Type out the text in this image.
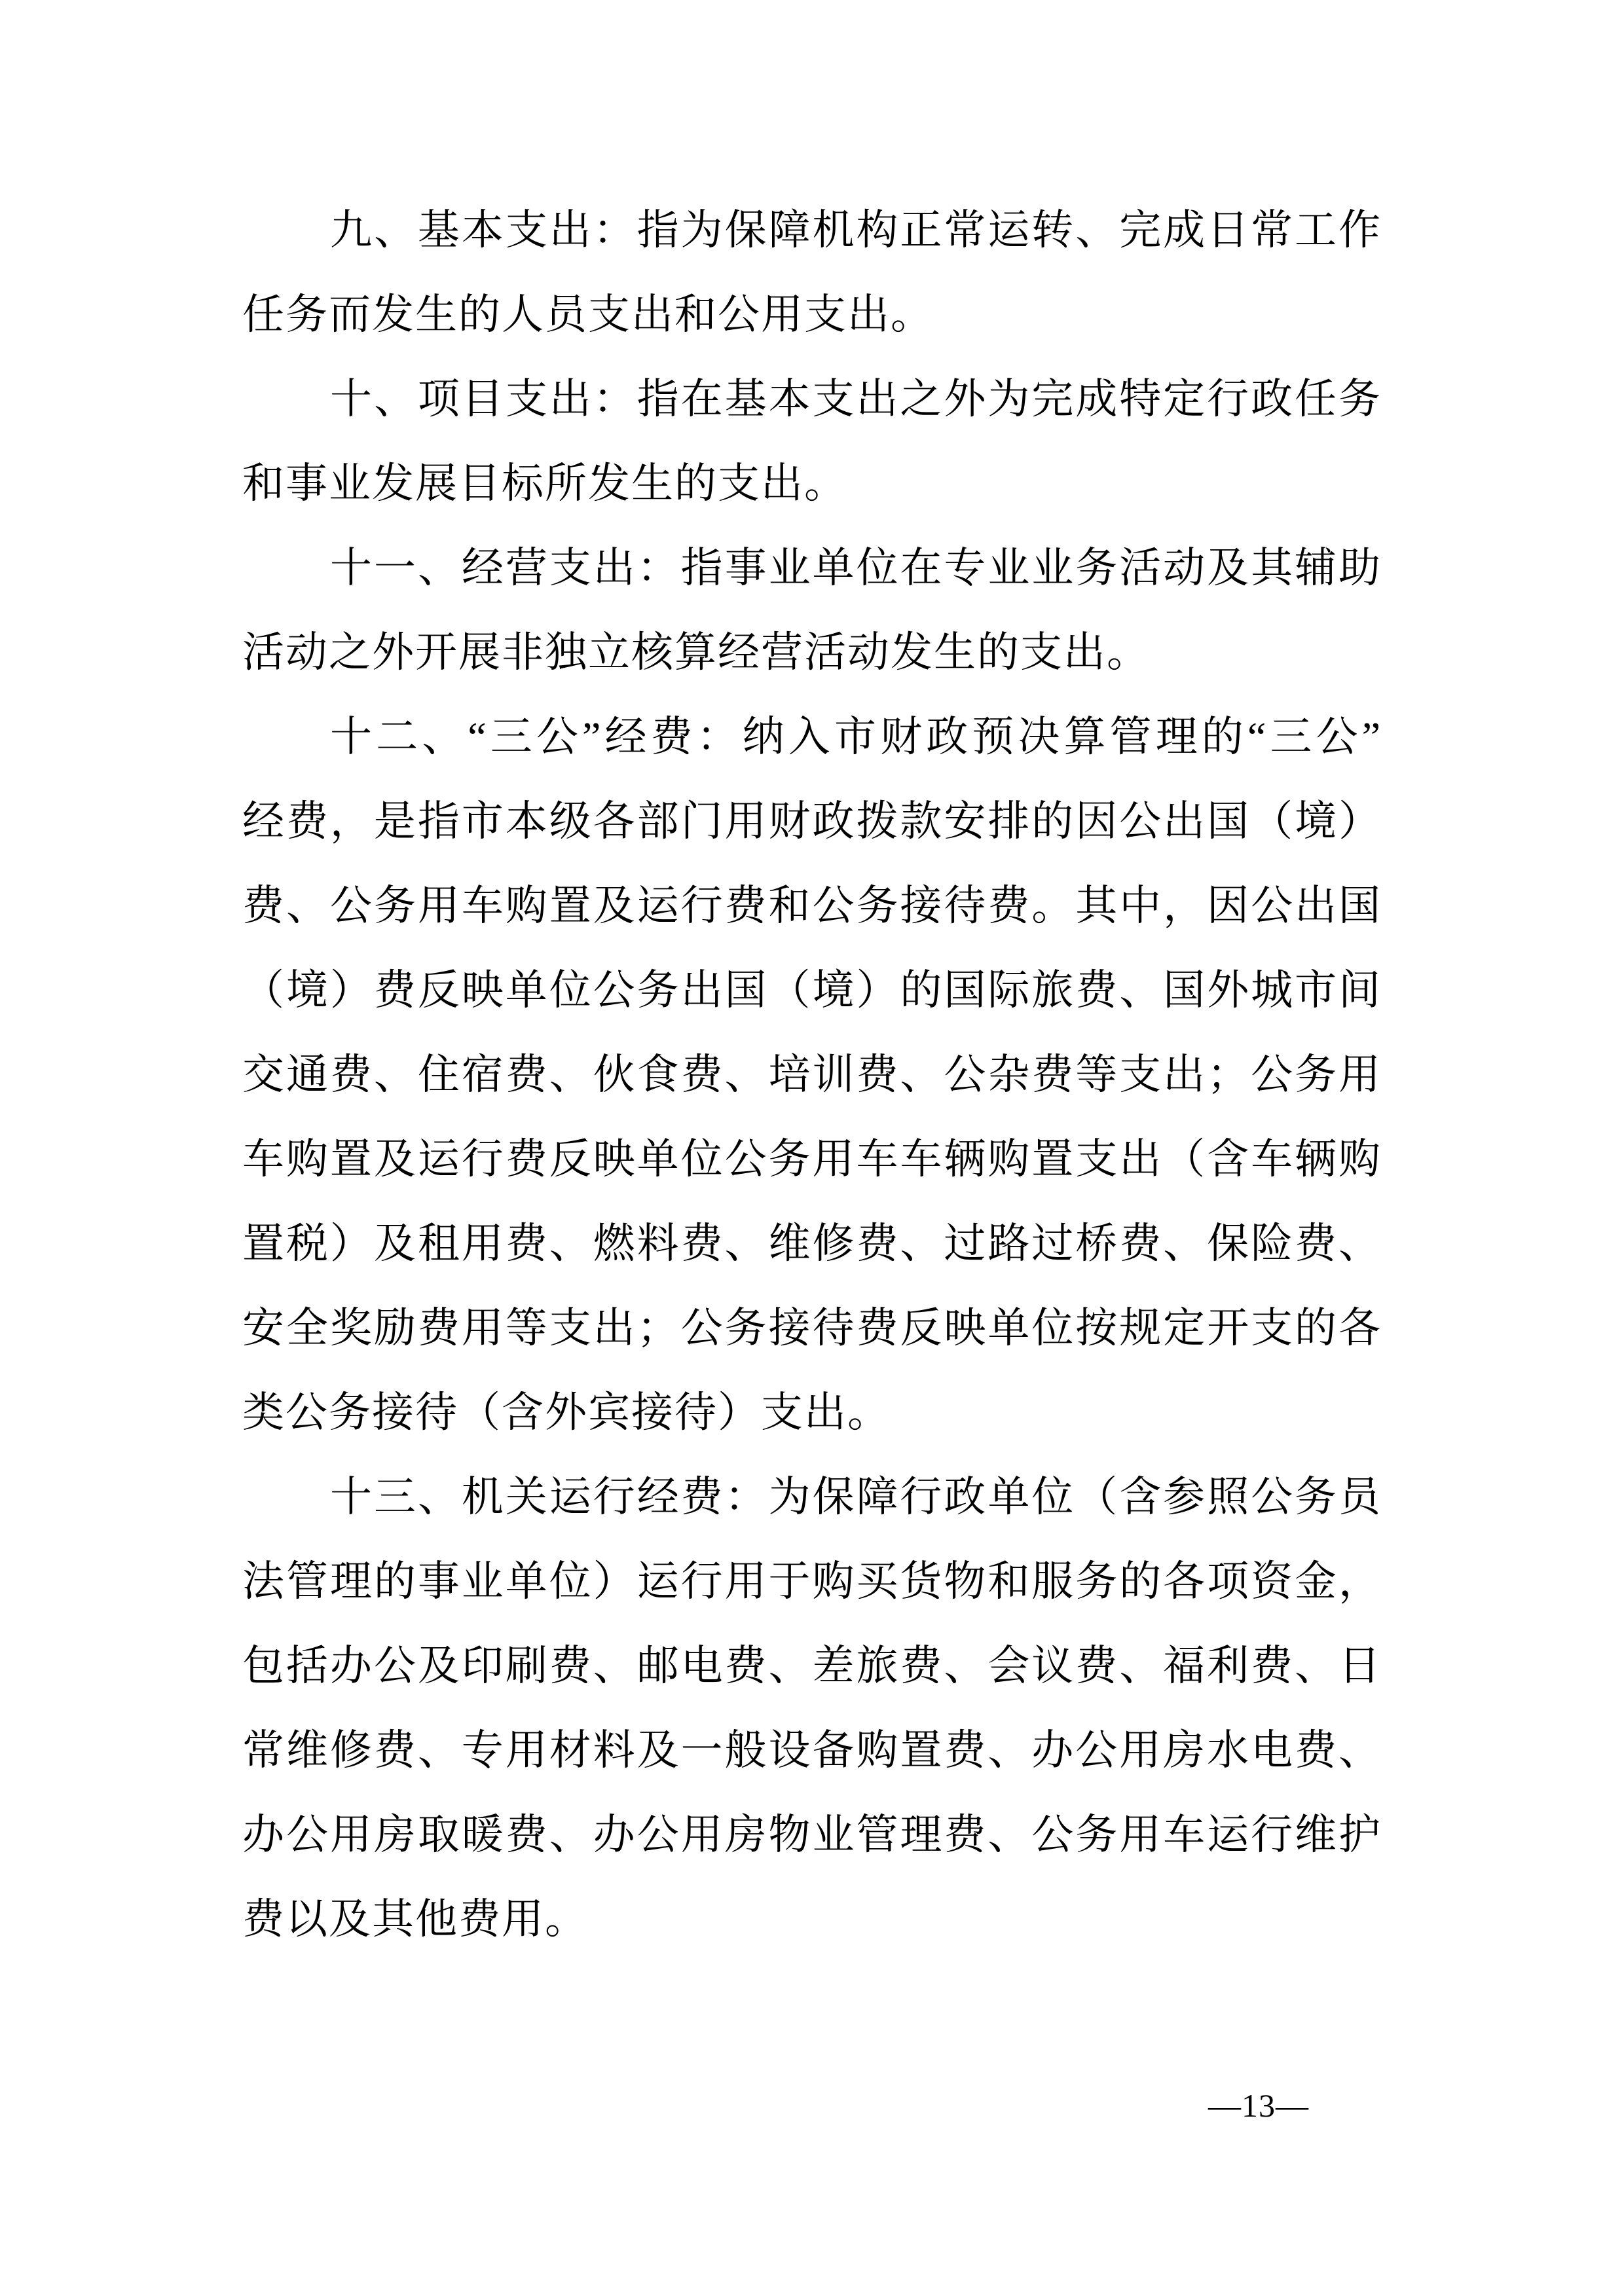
九、基本支出：指为保障机构正常运转、完成日常工作
任务而发生的人员支出和公用支出。
十、项目支出：指在基本支出之外为完成特定行政任务
和事业发展目标所发生的支出。
十一、经营支出：指事业单位在专业业务活动及其辅助
活动之外开展非独立核算经营活动发生的支出。
十二、“三公”经费：纳入市财政预决算管理的“三公”
经费，是指市本级各部门用财政拨款安排的因公出国（境）
费、公务用车购置及运行费和公务接待费。其中，因公出国
（境）费反映单位公务出国（境）的国际旅费、国外城市间
交通费、住宿费、伙食费、培训费、公杂费等支出；公务用
车购置及运行费反映单位公务用车车辆购置支出（含车辆购
置税）及租用费、燃料费、维修费、过路过桥费、保险费、
安全奖励费用等支出；公务接待费反映单位按规定开支的各
类公务接待（含外宾接待）支出。
十三、机关运行经费：为保障行政单位（含参照公务员
法管理的事业单位）运行用于购买货物和服务的各项资金，
包括办公及印刷费、邮电费、差旅费、会议费、福利费、日
常维修费、专用材料及一般设备购置费、办公用房水电费、
办公用房取暖费、办公用房物业管理费、公务用车运行维护
费以及其他费用。
—13—
